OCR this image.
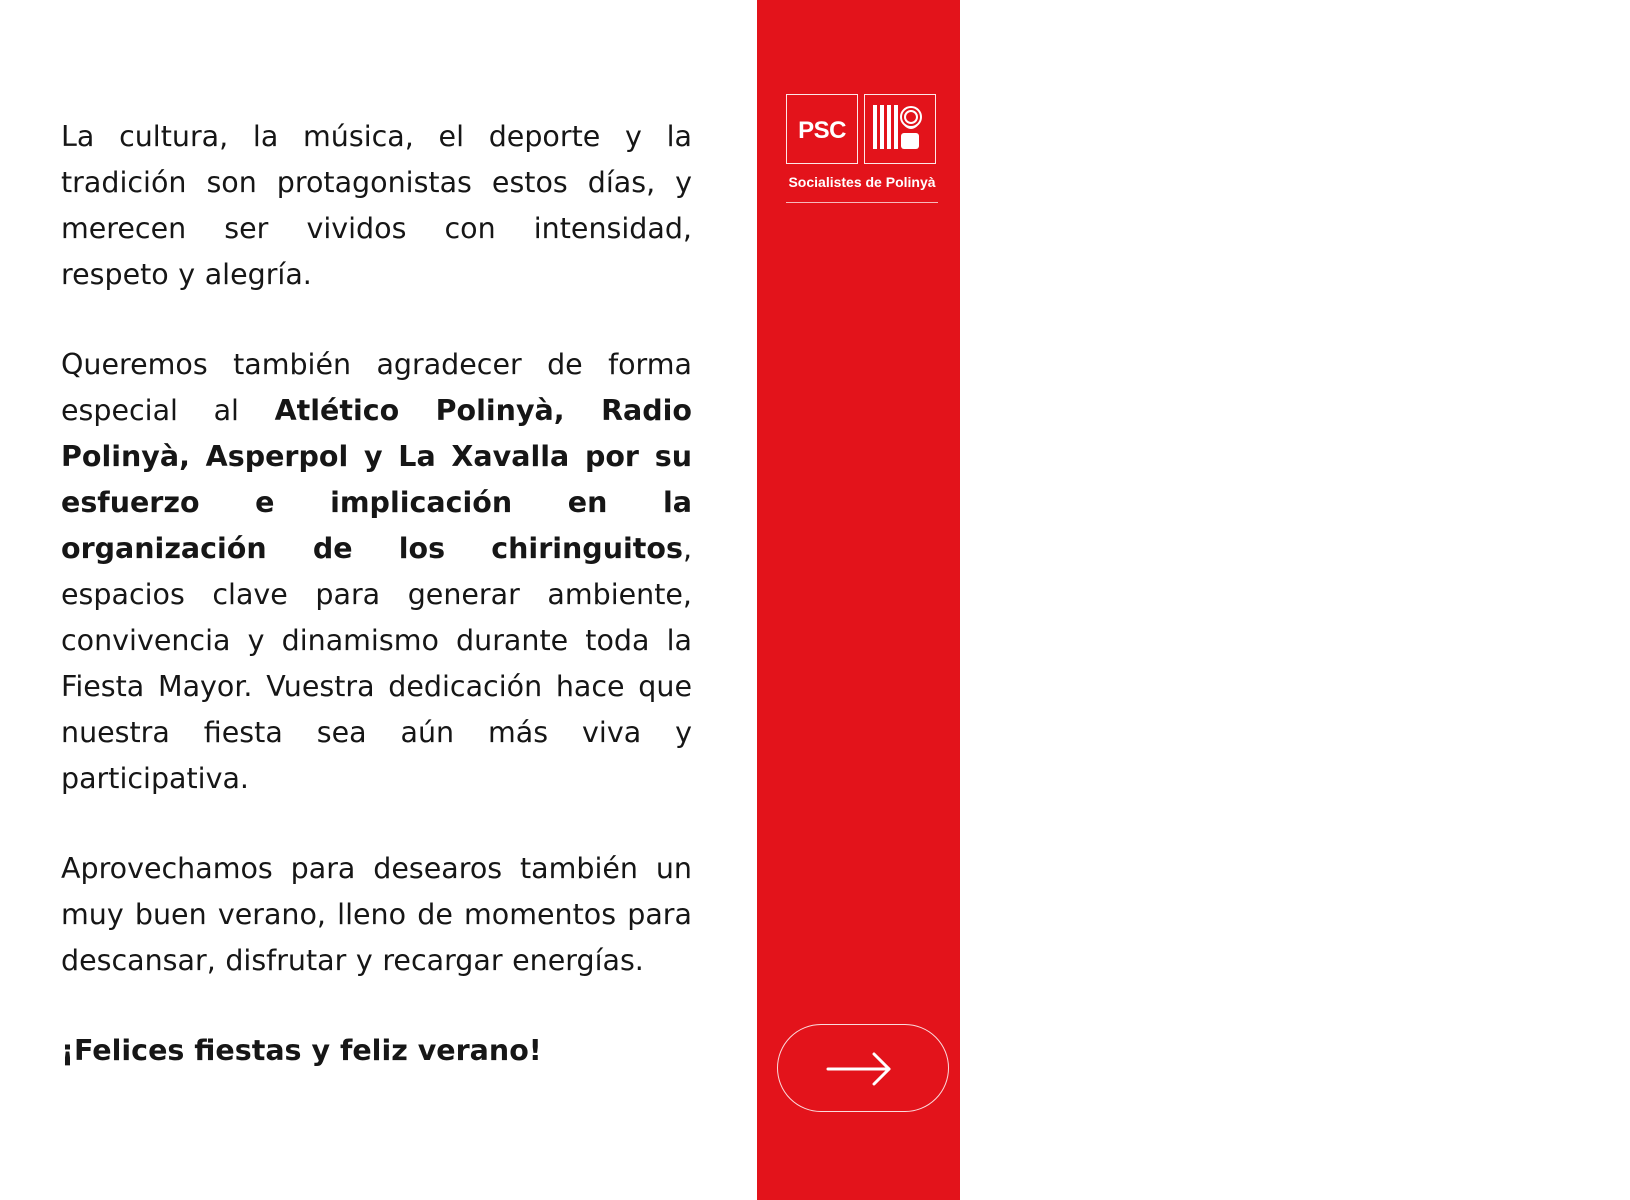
La cultura, la música, el deporte y la tradición son protagonistas estos días, y merecen ser vividos con intensidad, respeto y alegría.

Queremos también agradecer de forma especial al Atlético Polinyà, Radio Polinyà, Asperpol y La Xavalla por su esfuerzo e implicación en la organización de los chiringuitos, espacios clave para generar ambiente, convivencia y dinamismo durante toda la Fiesta Mayor. Vuestra dedicación hace que nuestra fiesta sea aún más viva y participativa.

Aprovechamos para desearos también un muy buen verano, lleno de momentos para descansar, disfrutar y recargar energías.

¡Felices fiestas y feliz verano!

PSC
Socialistes de Polinyà
BOLETÍN MUNICIPALJULIO 2025
